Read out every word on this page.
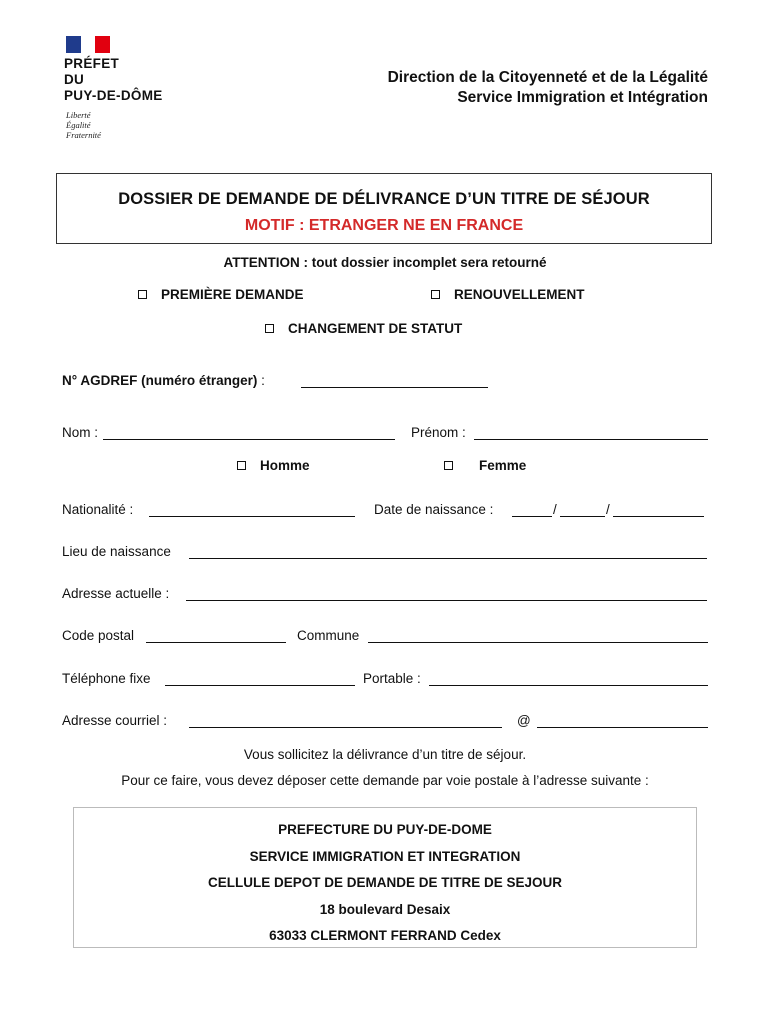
PRÉFET
DU
PUY-DE-DÔME
Liberté
Égalité
Fraternité
Direction de la Citoyenneté et de la Légalité
Service Immigration et Intégration
DOSSIER DE DEMANDE DE DÉLIVRANCE D’UN TITRE DE SÉJOUR
MOTIF : ETRANGER NE EN FRANCE
ATTENTION : tout dossier incomplet sera retourné
PREMIÈRE DEMANDE	RENOUVELLEMENT
CHANGEMENT DE STATUT
N° AGDREF (numéro étranger) :
Nom :	Prénom :
Homme	Femme
Nationalité :	Date de naissance :	/	/
Lieu de naissance
Adresse actuelle :
Code postal	Commune
Téléphone fixe	Portable :
Adresse courriel :	@
Vous sollicitez la délivrance d’un titre de séjour.
Pour ce faire, vous devez déposer cette demande par voie postale à l’adresse suivante :
PREFECTURE DU PUY-DE-DOME
SERVICE IMMIGRATION ET INTEGRATION
CELLULE DEPOT DE DEMANDE DE TITRE DE SEJOUR
18 boulevard Desaix
63033 CLERMONT FERRAND Cedex
